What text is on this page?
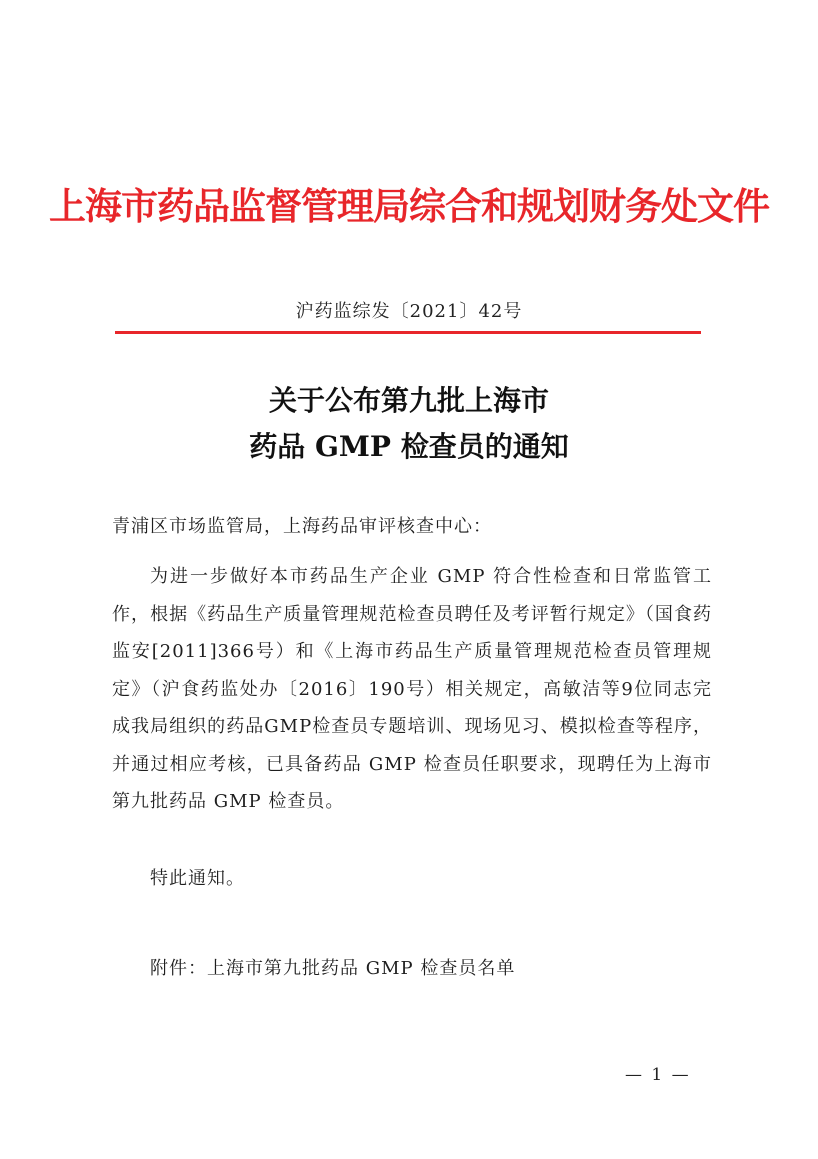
上海市药品监督管理局综合和规划财务处文件
沪药监综发〔2021〕42号
关于公布第九批上海市
药品 GMP 检查员的通知
青浦区市场监管局，上海药品审评核查中心：
为进一步做好本市药品生产企业 GMP 符合性检查和日常监管工作，根据《药品生产质量管理规范检查员聘任及考评暂行规定》（国食药监安[2011]366号）和《上海市药品生产质量管理规范检查员管理规定》（沪食药监处办〔2016〕190号）相关规定，高敏洁等9位同志完成我局组织的药品GMP检查员专题培训、现场见习、模拟检查等程序，并通过相应考核，已具备药品 GMP 检查员任职要求，现聘任为上海市第九批药品 GMP 检查员。
特此通知。
附件：上海市第九批药品 GMP 检查员名单
— 1 —
